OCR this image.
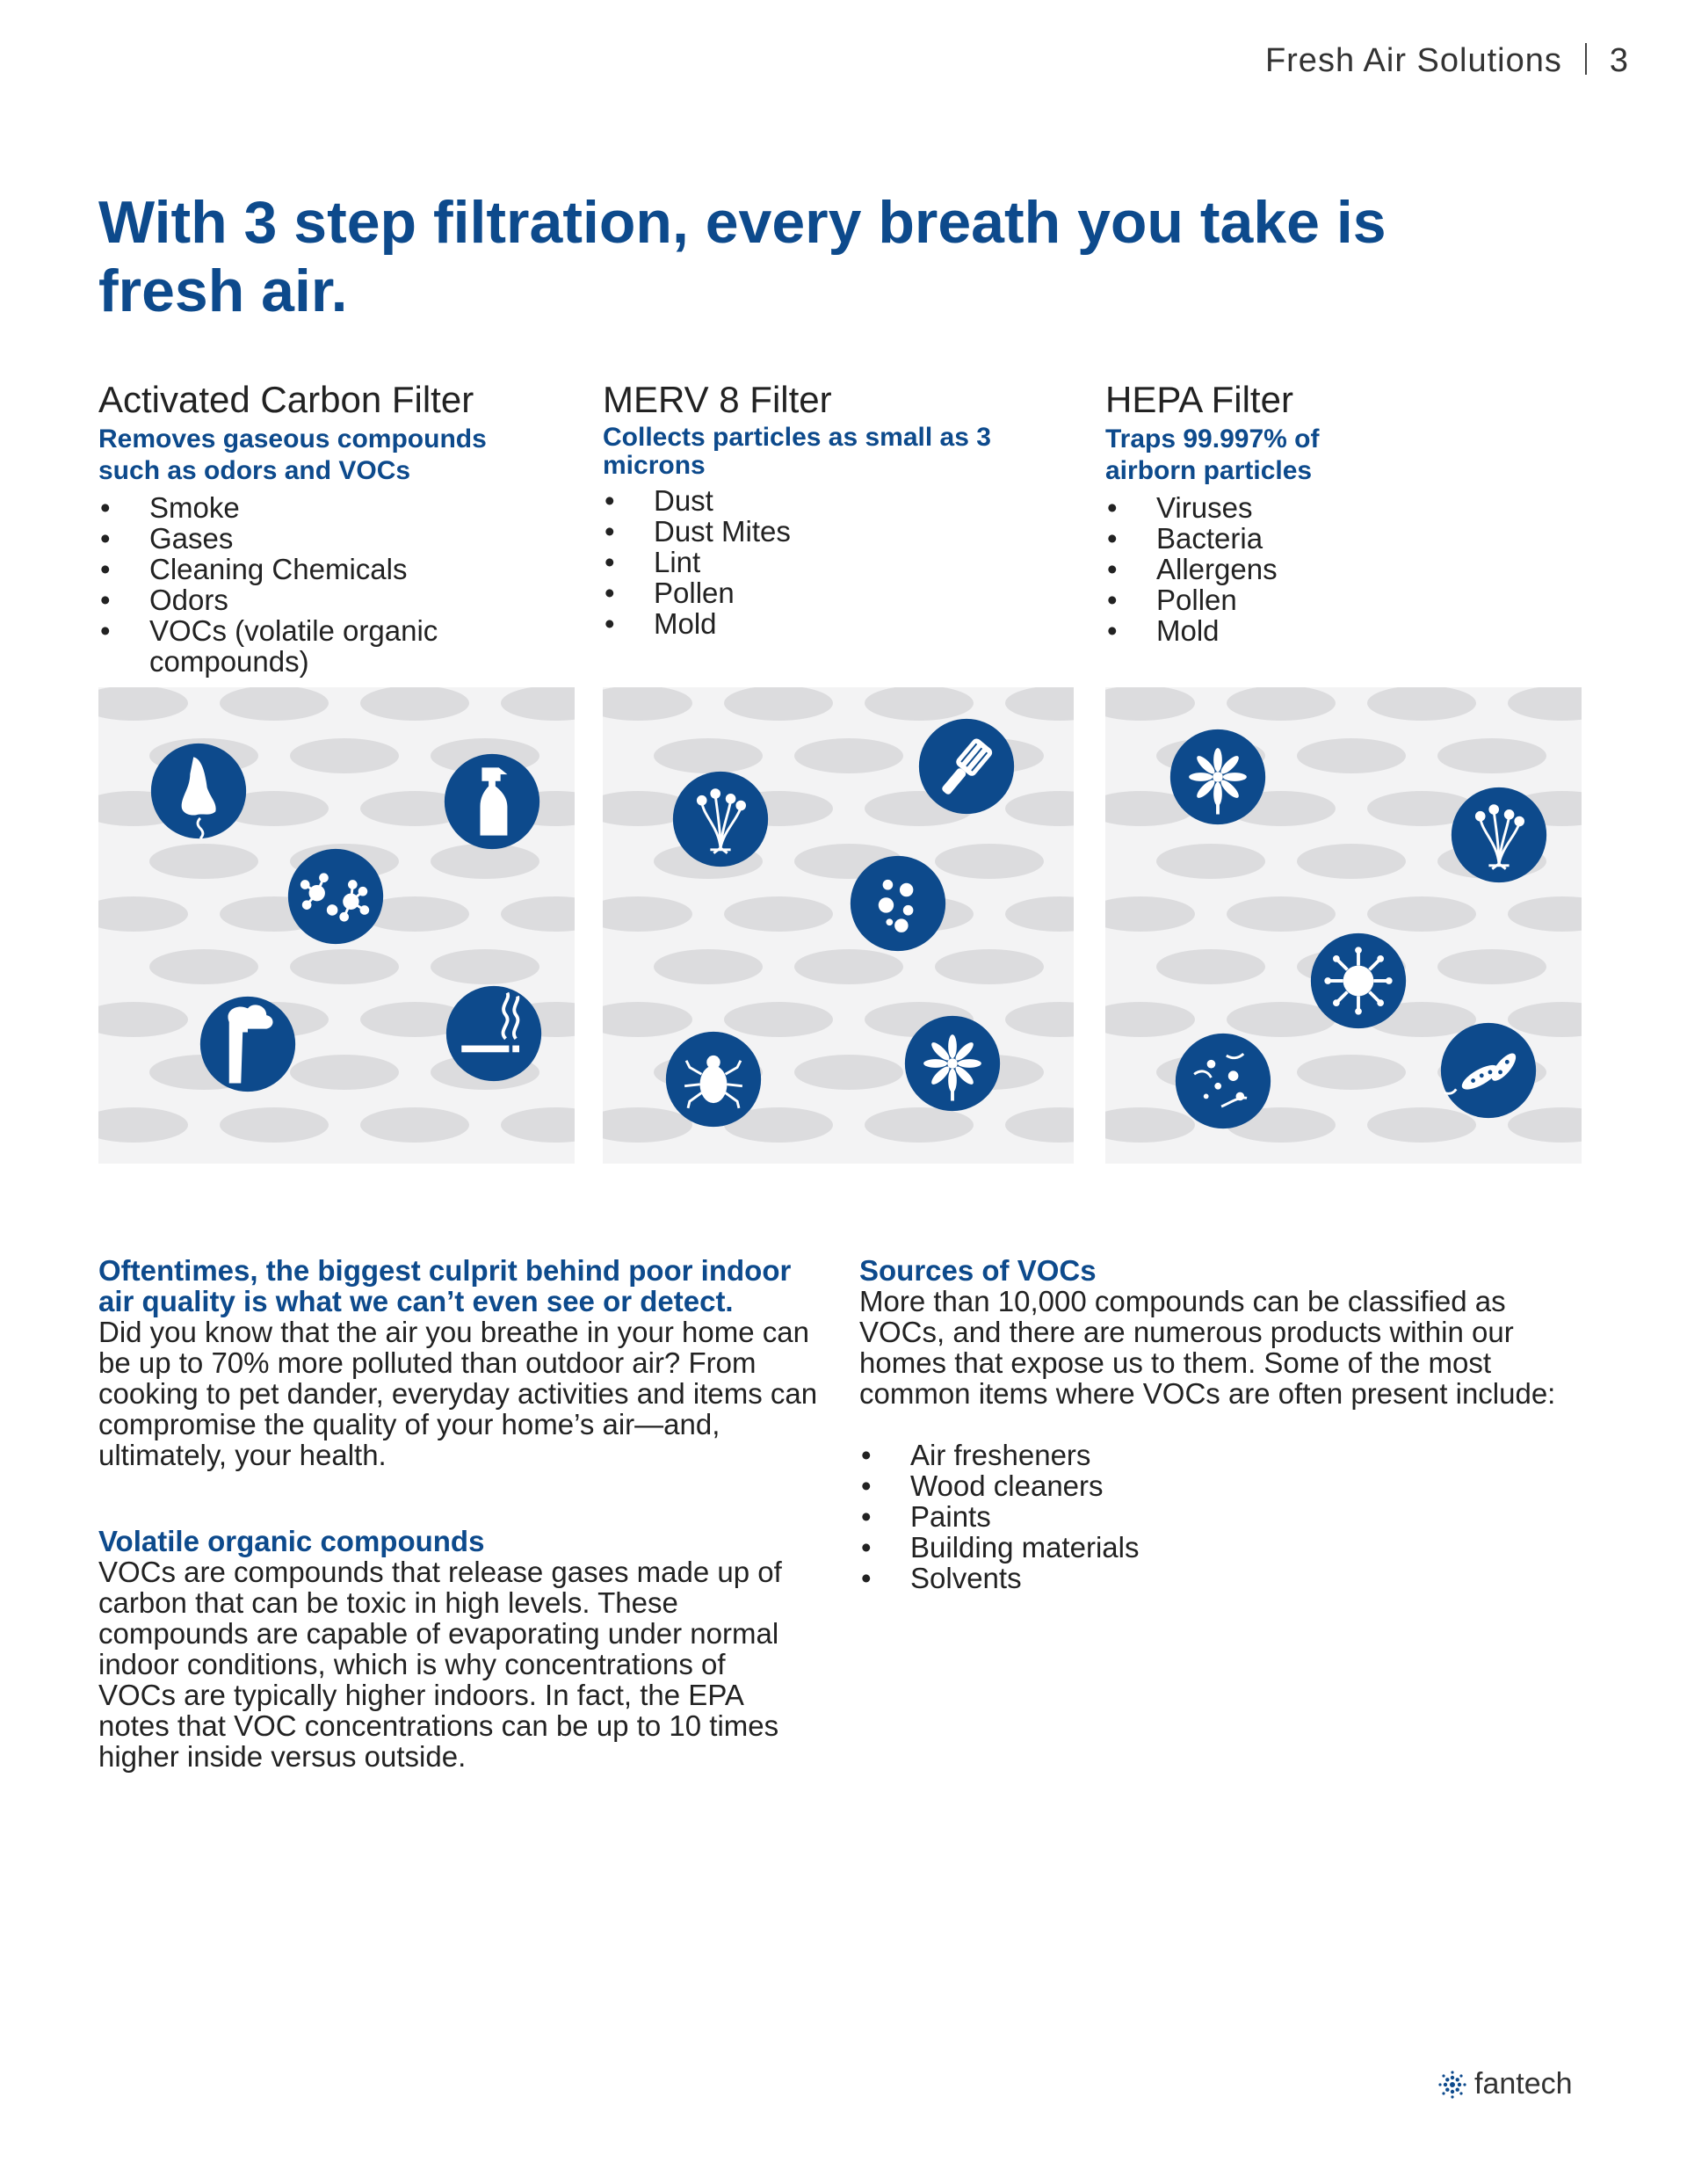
Fresh Air Solutions 3
With 3 step filtration, every breath you take is fresh air.
Activated Carbon Filter

Removes gaseous compounds such as odors and VOCs

• Smoke
• Gases
• Cleaning Chemicals
• Odors
• VOCs (volatile organic compounds)
MERV 8 Filter

Collects particles as small as 3 microns

• Dust
• Dust Mites
• Lint
• Pollen
• Mold
HEPA Filter

Traps 99.997% of airborn particles

• Viruses
• Bacteria
• Allergens
• Pollen
• Mold
Oftentimes, the biggest culprit behind poor indoor air quality is what we can’t even see or detect.
Did you know that the air you breathe in your home can be up to 70% more polluted than outdoor air? From cooking to pet dander, everyday activities and items can compromise the quality of your home’s air—and, ultimately, your health.
Volatile organic compounds
VOCs are compounds that release gases made up of carbon that can be toxic in high levels. These compounds are capable of evaporating under normal indoor conditions, which is why concentrations of VOCs are typically higher indoors. In fact, the EPA notes that VOC concentrations can be up to 10 times higher inside versus outside.
Sources of VOCs
More than 10,000 compounds can be classified as VOCs, and there are numerous products within our homes that expose us to them. Some of the most common items where VOCs are often present include:
• Air fresheners
• Wood cleaners
• Paints
• Building materials
• Solvents
fantech
